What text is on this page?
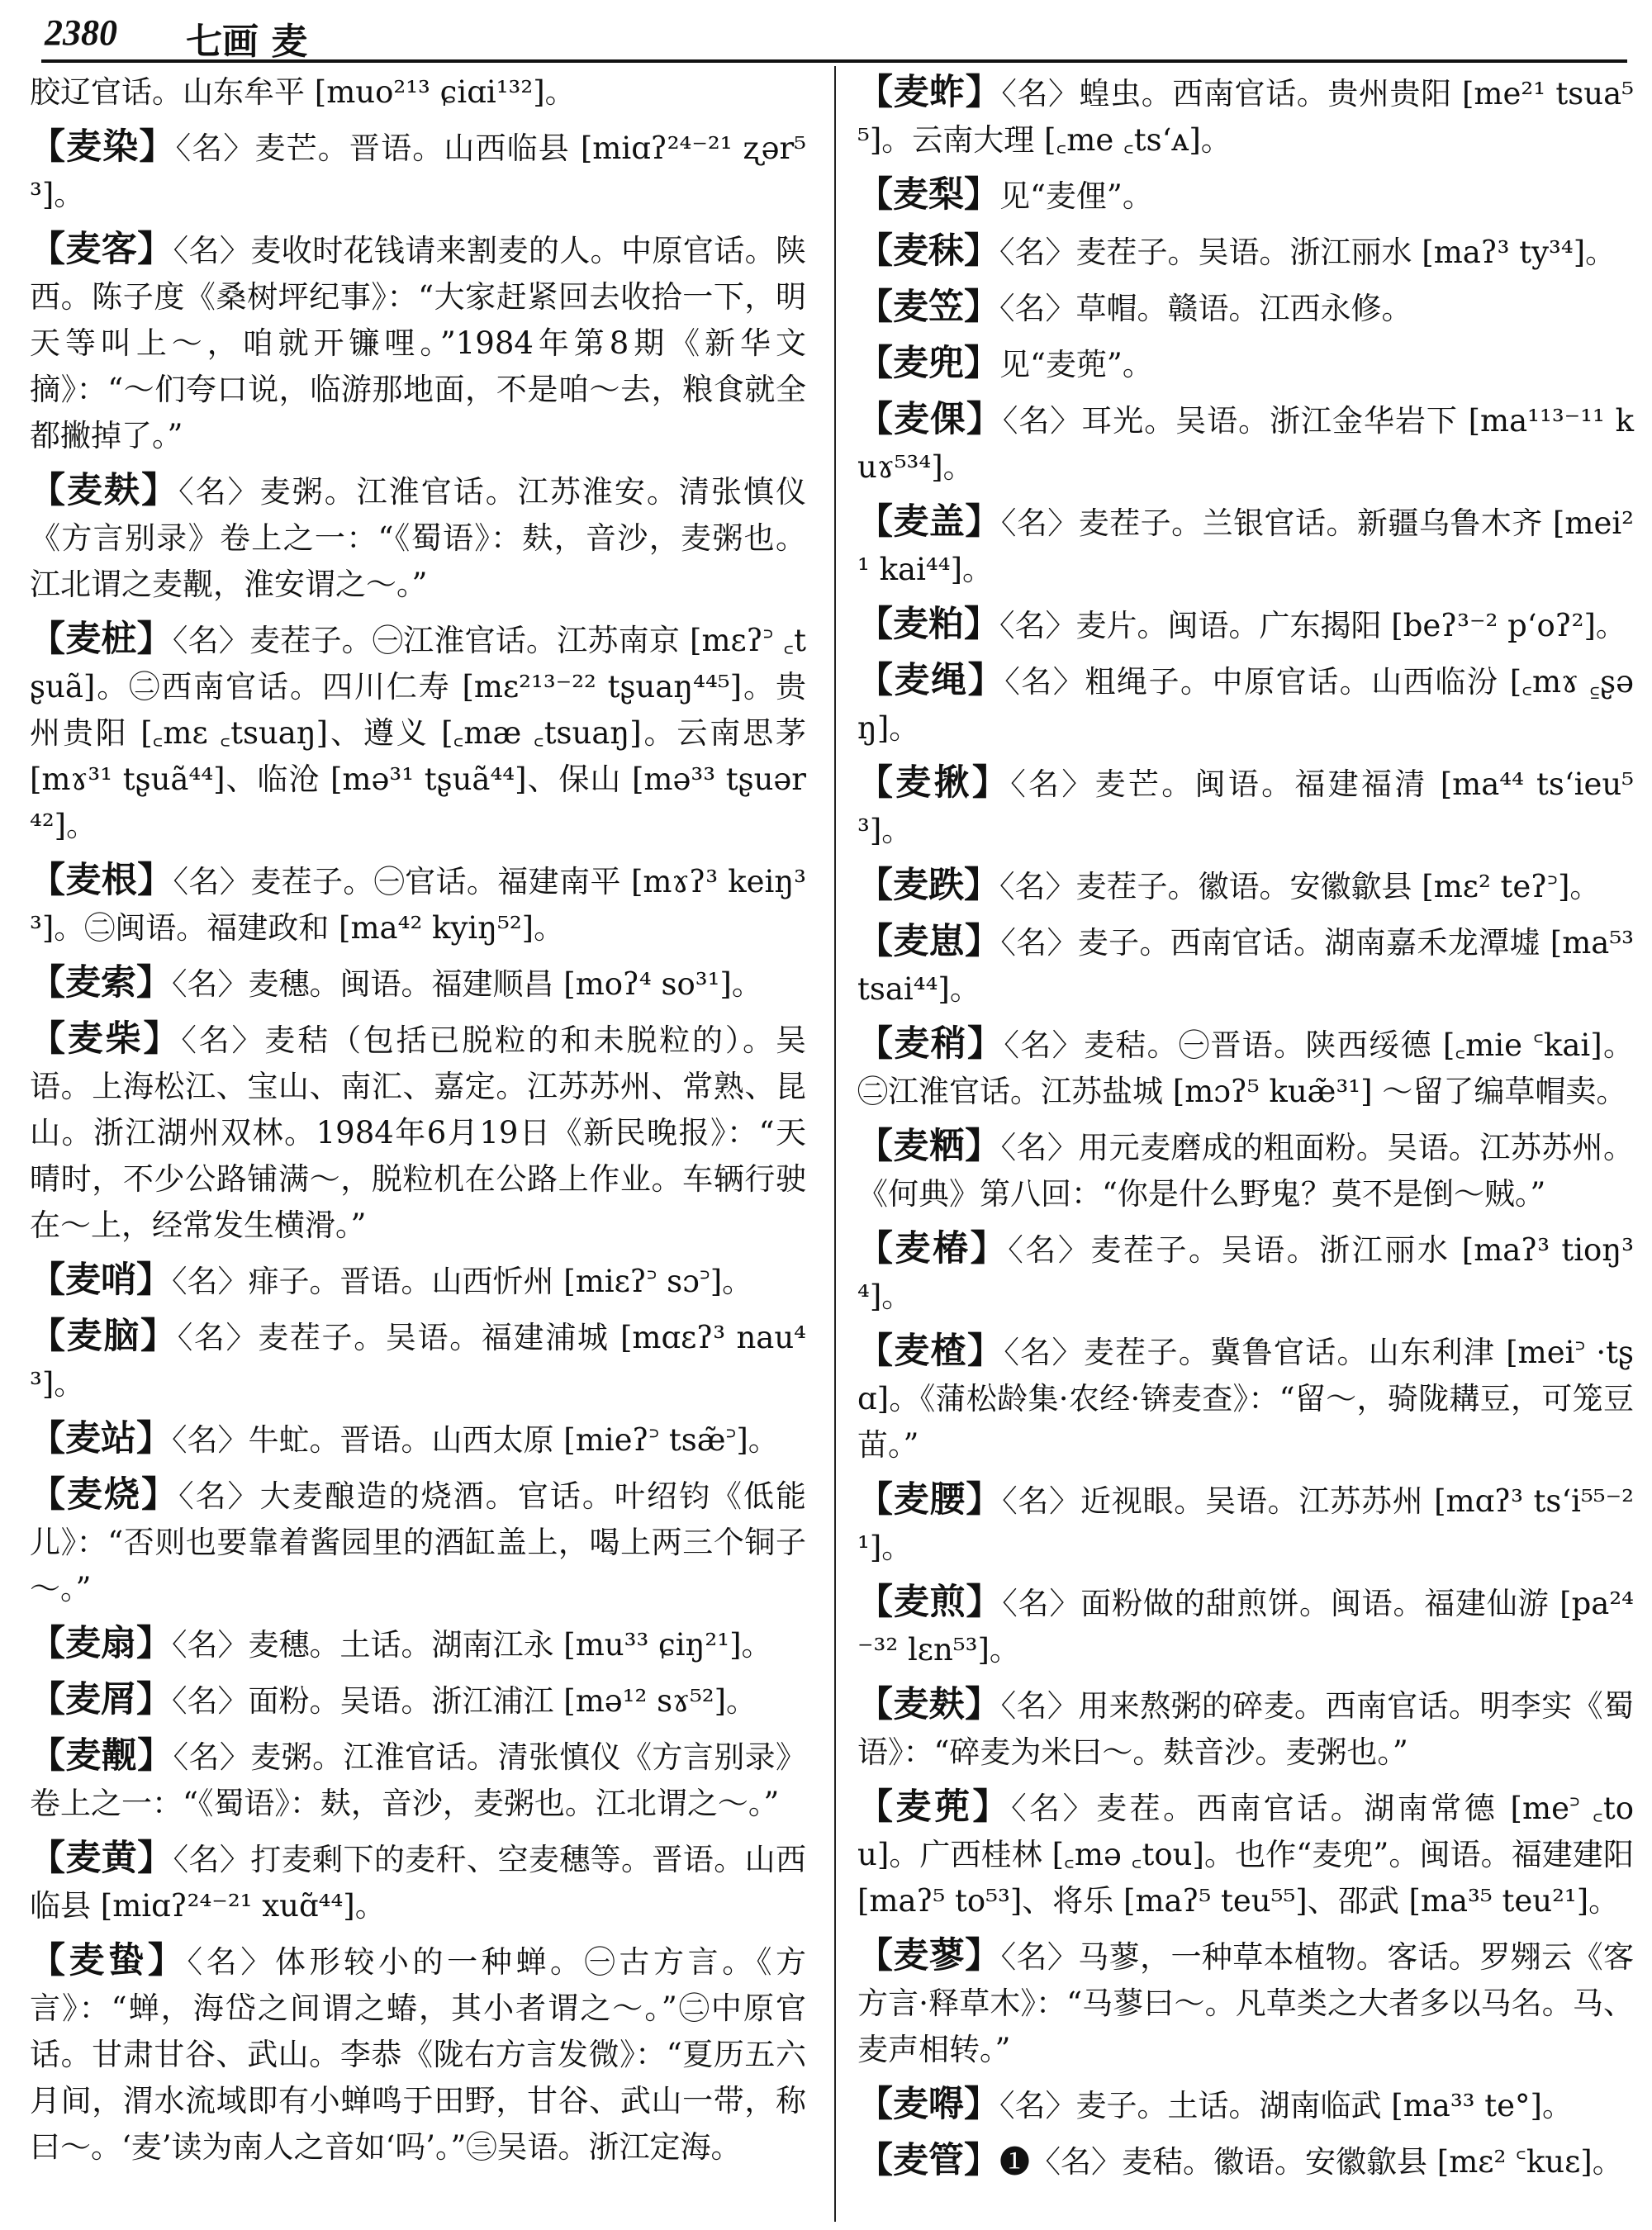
2380 七画 麦

胶辽官话。山东牟平 [muo²¹³ ɕiɑi¹³²]。

【麦染】〈名〉麦芒。晋语。山西临县 [miɑʔ²⁴⁻²¹ ʐər⁵³]。

【麦客】〈名〉麦收时花钱请来割麦的人。中原官话。陕西。陈子度《桑树坪纪事》：“大家赶紧回去收拾一下，明天等叫上～，咱就开镰哩。”1984年第8期《新华文摘》：“～们夸口说，临游那地面，不是咱～去，粮食就全都撇掉了。”

【麦麸】〈名〉麦粥。江淮官话。江苏淮安。清张慎仪《方言别录》卷上之一：“《蜀语》：麸，音沙，麦粥也。江北谓之麦觏，淮安谓之～。”

【麦桩】〈名〉麦茬子。㊀江淮官话。江苏南京 [mɛʔ꜄ ꜀tʂuã]。㊁西南官话。四川仁寿 [mɛ²¹³⁻²² tʂuaŋ⁴⁴⁵]。贵州贵阳 [꜀mɛ ꜀tsuaŋ]、遵义 [꜀mæ ꜀tsuaŋ]。云南思茅 [mɤ³¹ tʂuã⁴⁴]、临沧 [mə³¹ tʂuã⁴⁴]、保山 [mə³³ tʂuər⁴²]。

【麦根】〈名〉麦茬子。㊀官话。福建南平 [mɤʔ³ keiŋ³³]。㊁闽语。福建政和 [ma⁴² kyiŋ⁵²]。

【麦索】〈名〉麦穗。闽语。福建顺昌 [moʔ⁴ so³¹]。

【麦柴】〈名〉麦秸（包括已脱粒的和未脱粒的）。吴语。上海松江、宝山、南汇、嘉定。江苏苏州、常熟、昆山。浙江湖州双林。1984年6月19日《新民晚报》：“天晴时，不少公路铺满～，脱粒机在公路上作业。车辆行驶在～上，经常发生横滑。”

【麦哨】〈名〉痱子。晋语。山西忻州 [miɛʔ꜄ sɔ꜄]。

【麦脑】〈名〉麦茬子。吴语。福建浦城 [mɑɛʔ³ nau⁴³]。

【麦站】〈名〉牛虻。晋语。山西太原 [mieʔ꜄ tsæ̃꜄]。

【麦烧】〈名〉大麦酿造的烧酒。官话。叶绍钧《低能儿》：“否则也要靠着酱园里的酒缸盖上，喝上两三个铜子～。”

【麦扇】〈名〉麦穗。土话。湖南江永 [mu³³ ɕiŋ²¹]。

【麦屑】〈名〉面粉。吴语。浙江浦江 [mə¹² sɤ⁵²]。

【麦觏】〈名〉麦粥。江淮官话。清张慎仪《方言别录》卷上之一：“《蜀语》：麸，音沙，麦粥也。江北谓之～。”

【麦黄】〈名〉打麦剩下的麦秆、空麦穗等。晋语。山西临县 [miɑʔ²⁴⁻²¹ xuɑ̃⁴⁴]。

【麦蛰】〈名〉体形较小的一种蝉。㊀古方言。《方言》：“蝉，海岱之间谓之蝽，其小者谓之～。”㊁中原官话。甘肃甘谷、武山。李恭《陇右方言发微》：“夏历五六月间，渭水流域即有小蝉鸣于田野，甘谷、武山一带，称曰～。‘麦’读为南人之音如‘吗’。”㊂吴语。浙江定海。

【麦蚱】〈名〉蝗虫。西南官话。贵州贵阳 [me²¹ tsua⁵⁵]。云南大理 [꜀me ꜀tsʻᴀ]。

【麦梨】见“麦俚”。

【麦秣】〈名〉麦茬子。吴语。浙江丽水 [maʔ³ ty³⁴]。

【麦笠】〈名〉草帽。赣语。江西永修。

【麦兜】见“麦蔸”。

【麦倮】〈名〉耳光。吴语。浙江金华岩下 [ma¹¹³⁻¹¹ kuɤ⁵³⁴]。

【麦盖】〈名〉麦茬子。兰银官话。新疆乌鲁木齐 [mei²¹ kai⁴⁴]。

【麦粕】〈名〉麦片。闽语。广东揭阳 [beʔ³⁻² pʻoʔ²]。

【麦绳】〈名〉粗绳子。中原官话。山西临汾 [꜀mɤ ꜁ʂəŋ]。

【麦揪】〈名〉麦芒。闽语。福建福清 [ma⁴⁴ tsʻieu⁵³]。

【麦跌】〈名〉麦茬子。徽语。安徽歙县 [mɛ² teʔ꜄]。

【麦崽】〈名〉麦子。西南官话。湖南嘉禾龙潭墟 [ma⁵³ tsai⁴⁴]。

【麦稍】〈名〉麦秸。㊀晋语。陕西绥德 [꜀mie ꜂kai]。㊁江淮官话。江苏盐城 [mɔʔ⁵ kuæ̃³¹] ～留了编草帽卖。

【麦粞】〈名〉用元麦磨成的粗面粉。吴语。江苏苏州。《何典》第八回：“你是什么野鬼？莫不是倒～贼。”

【麦椿】〈名〉麦茬子。吴语。浙江丽水 [maʔ³ tioŋ³⁴]。

【麦楂】〈名〉麦茬子。冀鲁官话。山东利津 [mei꜄ ·tʂɑ]。《蒲松龄集·农经·锛麦查》：“留～，骑陇耩豆，可笼豆苗。”

【麦腰】〈名〉近视眼。吴语。江苏苏州 [mɑʔ³ tsʻi⁵⁵⁻²¹]。

【麦煎】〈名〉面粉做的甜煎饼。闽语。福建仙游 [pa²⁴⁻³² lɛn⁵³]。

【麦麸】〈名〉用来熬粥的碎麦。西南官话。明李实《蜀语》：“碎麦为米曰～。麸音沙。麦粥也。”

【麦蔸】〈名〉麦茬。西南官话。湖南常德 [me꜄ ꜀tou]。广西桂林 [꜀mə ꜀tou]。也作“麦兜”。闽语。福建建阳 [maʔ⁵ to⁵³]、将乐 [maʔ⁵ teu⁵⁵]、邵武 [ma³⁵ teu²¹]。

【麦蓼】〈名〉马蓼，一种草本植物。客话。罗翙云《客方言·释草木》：“马蓼曰～。凡草类之大者多以马名。马、麦声相转。”

【麦嘚】〈名〉麦子。土话。湖南临武 [ma³³ te°]。

【麦管】❶〈名〉麦秸。徽语。安徽歙县 [mɛ² ꜂kuɛ]。
